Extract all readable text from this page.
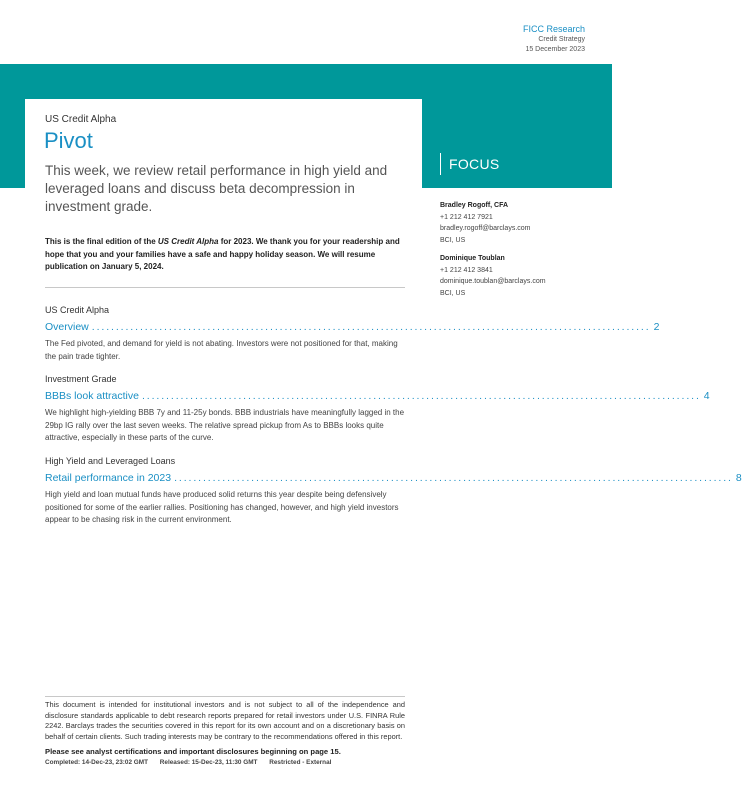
FICC Research
Credit Strategy
15 December 2023
US Credit Alpha
Pivot
This week, we review retail performance in high yield and leveraged loans and discuss beta decompression in investment grade.
This is the final edition of the US Credit Alpha for 2023. We thank you for your readership and hope that you and your families have a safe and happy holiday season. We will resume publication on January 5, 2024.
FOCUS
Bradley Rogoff, CFA
+1 212 412 7921
bradley.rogoff@barclays.com
BCI, US
Dominique Toublan
+1 212 412 3841
dominique.toublan@barclays.com
BCI, US
US Credit Alpha
Overview .................................................................................................................... 2
The Fed pivoted, and demand for yield is not abating. Investors were not positioned for that, making the pain trade tighter.
Investment Grade
BBBs look attractive .................................................................................................................... 4
We highlight high-yielding BBB 7y and 11-25y bonds. BBB industrials have meaningfully lagged in the 29bp IG rally over the last seven weeks. The relative spread pickup from As to BBBs looks quite attractive, especially in these parts of the curve.
High Yield and Leveraged Loans
Retail performance in 2023 .................................................................................................................... 8
High yield and loan mutual funds have produced solid returns this year despite being defensively positioned for some of the earlier rallies. Positioning has changed, however, and high yield investors appear to be chasing risk in the current environment.
This document is intended for institutional investors and is not subject to all of the independence and disclosure standards applicable to debt research reports prepared for retail investors under U.S. FINRA Rule 2242. Barclays trades the securities covered in this report for its own account and on a discretionary basis on behalf of certain clients. Such trading interests may be contrary to the recommendations offered in this report.
Please see analyst certifications and important disclosures beginning on page 15.
Completed: 14-Dec-23, 23:02 GMT Released: 15-Dec-23, 11:30 GMT Restricted - External
